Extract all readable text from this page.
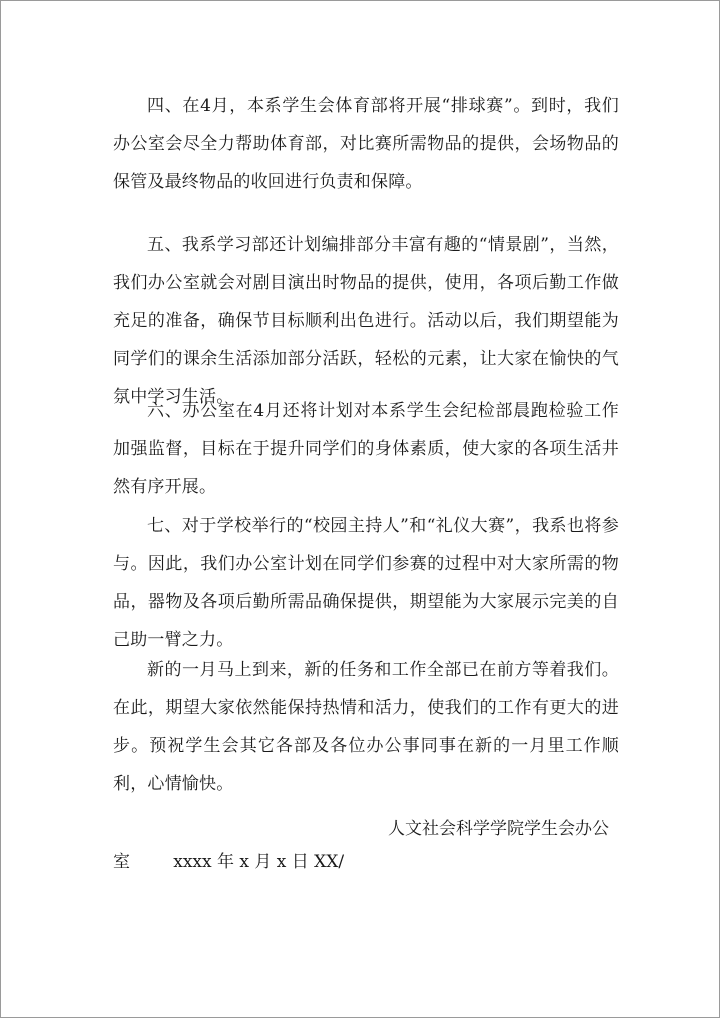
四、在4月，本系学生会体育部将开展“排球赛”。到时，我们办公室会尽全力帮助体育部，对比赛所需物品的提供，会场物品的保管及最终物品的收回进行负责和保障。

五、我系学习部还计划编排部分丰富有趣的“情景剧”，当然，我们办公室就会对剧目演出时物品的提供，使用，各项后勤工作做充足的准备，确保节目标顺利出色进行。活动以后，我们期望能为同学们的课余生活添加部分活跃，轻松的元素，让大家在愉快的气氛中学习生活。

六、办公室在4月还将计划对本系学生会纪检部晨跑检验工作加强监督，目标在于提升同学们的身体素质，使大家的各项生活井然有序开展。

七、对于学校举行的“校园主持人”和“礼仪大赛”，我系也将参与。因此，我们办公室计划在同学们参赛的过程中对大家所需的物品，器物及各项后勤所需品确保提供，期望能为大家展示完美的自己助一臂之力。

新的一月马上到来，新的任务和工作全部已在前方等着我们。在此，期望大家依然能保持热情和活力，使我们的工作有更大的进步。预祝学生会其它各部及各位办公事同事在新的一月里工作顺利，心情愉快。

人文社会科学学院学生会办公

室        xxxx 年 x 月 x 日 XX/
